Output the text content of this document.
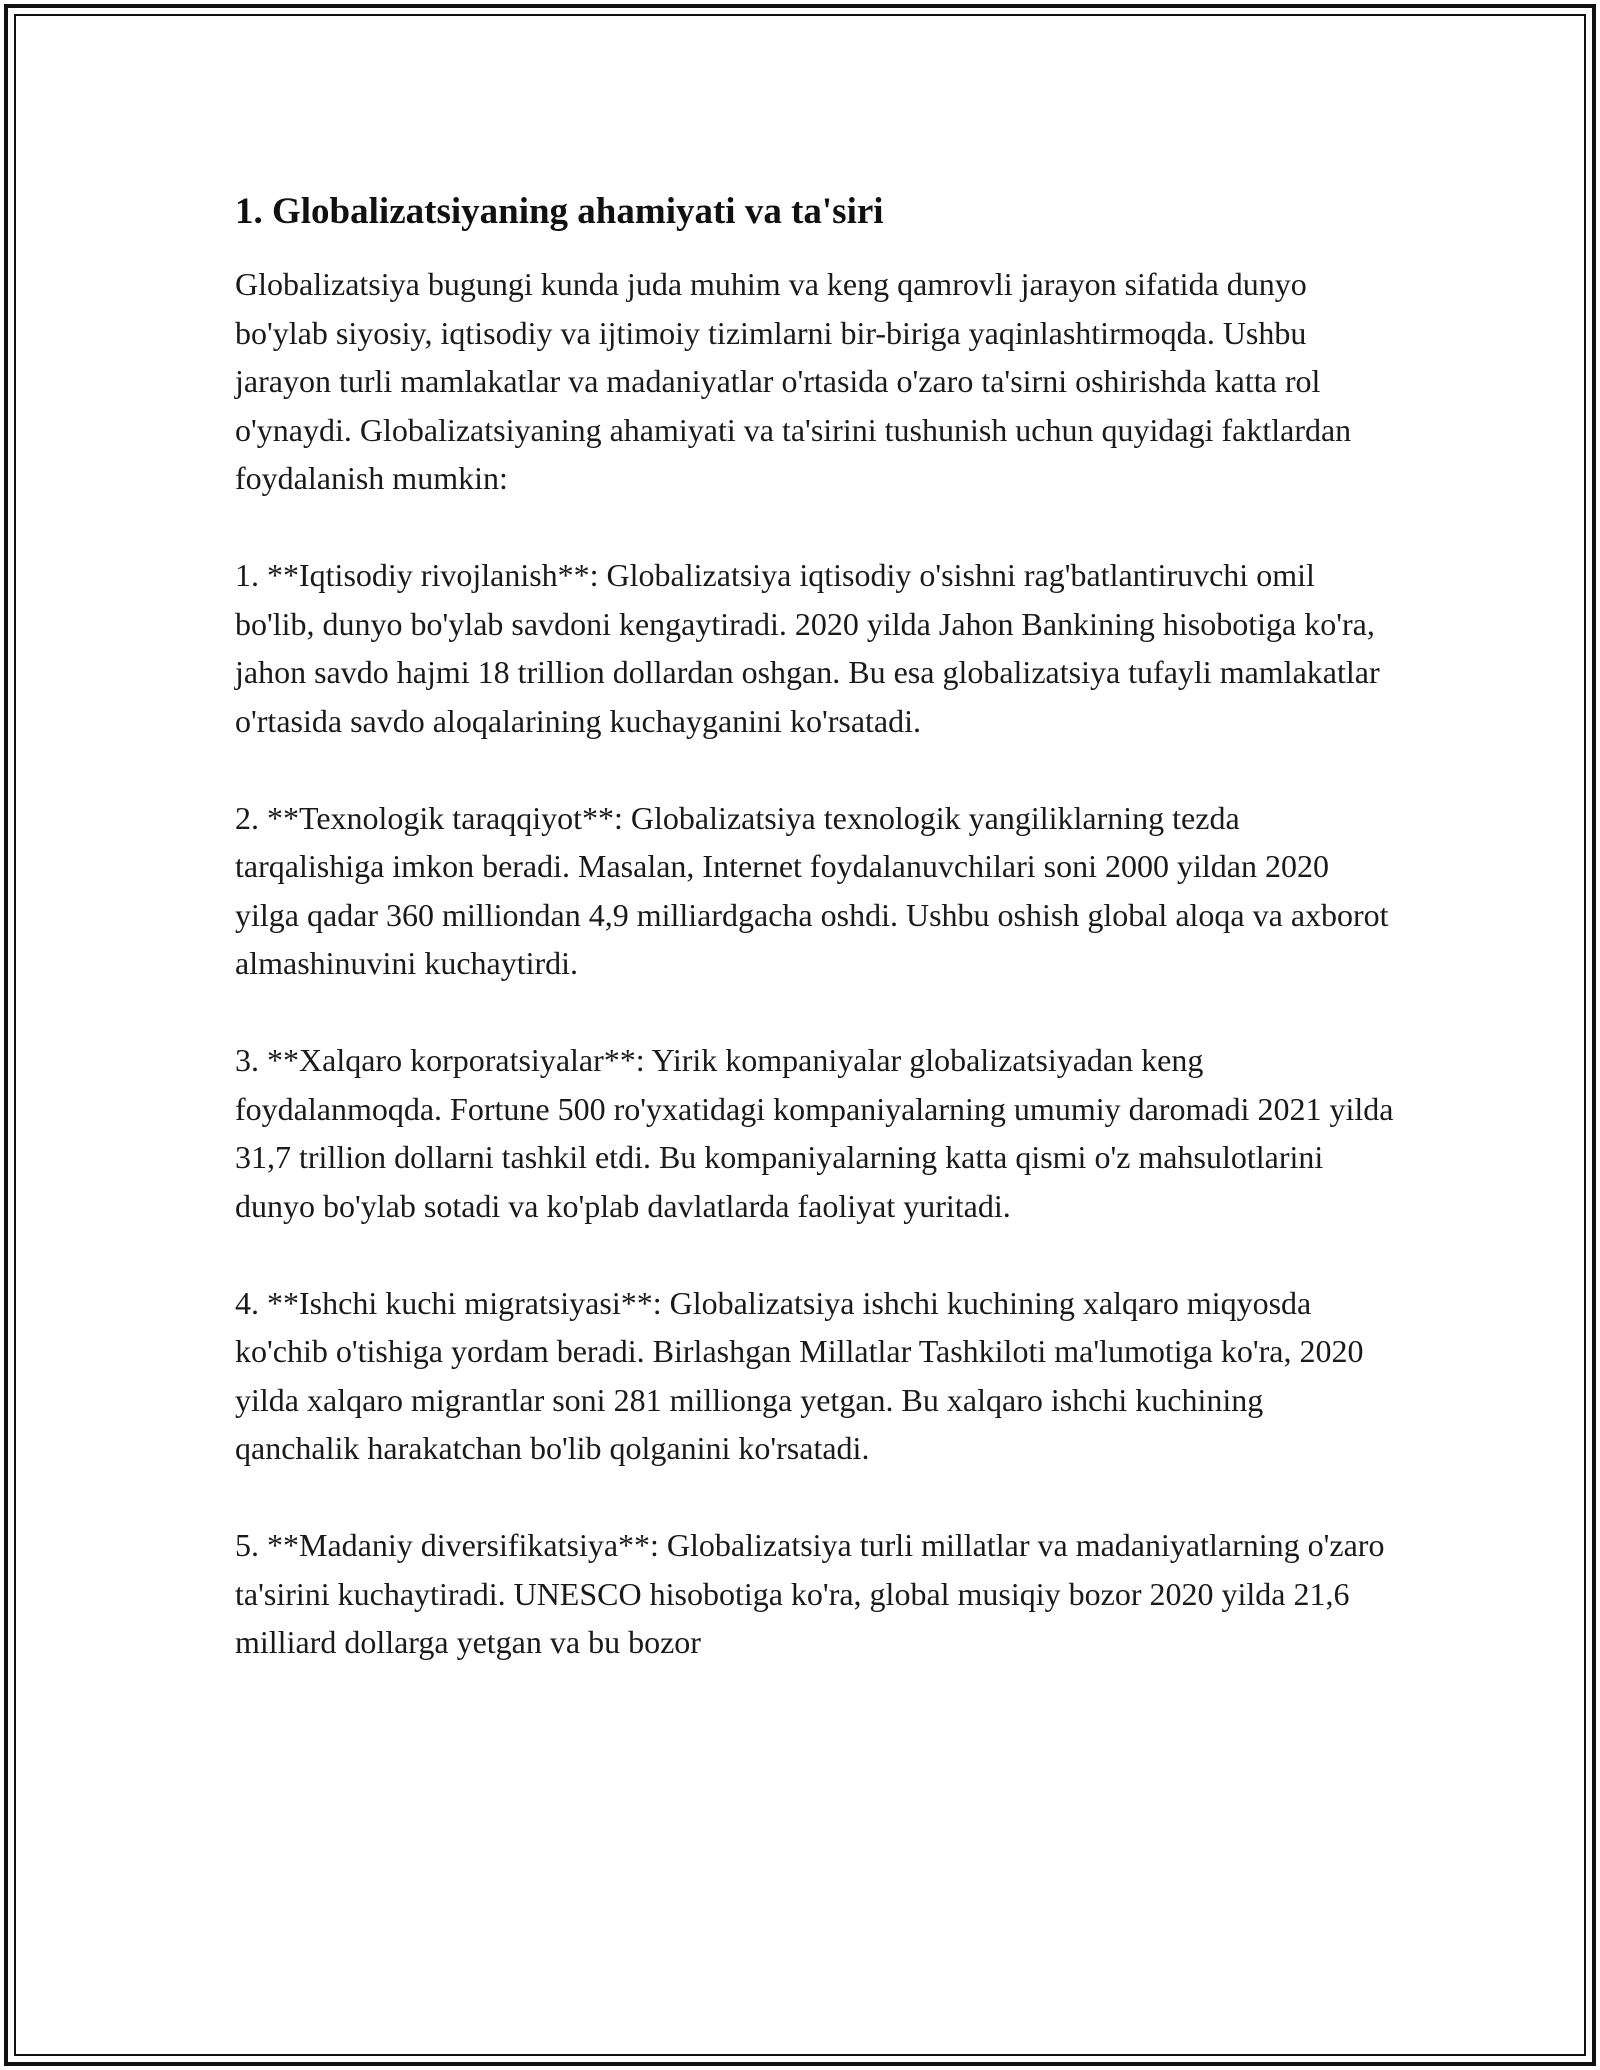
1. Globalizatsiyaning ahamiyati va ta'siri

Globalizatsiya bugungi kunda juda muhim va keng qamrovli jarayon sifatida dunyo bo'ylab siyosiy, iqtisodiy va ijtimoiy tizimlarni bir-biriga yaqinlashtirmoqda. Ushbu jarayon turli mamlakatlar va madaniyatlar o'rtasida o'zaro ta'sirni oshirishda katta rol o'ynaydi. Globalizatsiyaning ahamiyati va ta'sirini tushunish uchun quyidagi faktlardan foydalanish mumkin:

1. **Iqtisodiy rivojlanish**: Globalizatsiya iqtisodiy o'sishni rag'batlantiruvchi omil bo'lib, dunyo bo'ylab savdoni kengaytiradi. 2020 yilda Jahon Bankining hisobotiga ko'ra, jahon savdo hajmi 18 trillion dollardan oshgan. Bu esa globalizatsiya tufayli mamlakatlar o'rtasida savdo aloqalarining kuchayganini ko'rsatadi.

2. **Texnologik taraqqiyot**: Globalizatsiya texnologik yangiliklarning tezda tarqalishiga imkon beradi. Masalan, Internet foydalanuvchilari soni 2000 yildan 2020 yilga qadar 360 milliondan 4,9 milliardgacha oshdi. Ushbu oshish global aloqa va axborot almashinuvini kuchaytirdi.

3. **Xalqaro korporatsiyalar**: Yirik kompaniyalar globalizatsiyadan keng foydalanmoqda. Fortune 500 ro'yxatidagi kompaniyalarning umumiy daromadi 2021 yilda 31,7 trillion dollarni tashkil etdi. Bu kompaniyalarning katta qismi o'z mahsulotlarini dunyo bo'ylab sotadi va ko'plab davlatlarda faoliyat yuritadi.

4. **Ishchi kuchi migratsiyasi**: Globalizatsiya ishchi kuchining xalqaro miqyosda ko'chib o'tishiga yordam beradi. Birlashgan Millatlar Tashkiloti ma'lumotiga ko'ra, 2020 yilda xalqaro migrantlar soni 281 millionga yetgan. Bu xalqaro ishchi kuchining qanchalik harakatchan bo'lib qolganini ko'rsatadi.

5. **Madaniy diversifikatsiya**: Globalizatsiya turli millatlar va madaniyatlarning o'zaro ta'sirini kuchaytiradi. UNESCO hisobotiga ko'ra, global musiqiy bozor 2020 yilda 21,6 milliard dollarga yetgan va bu bozor
